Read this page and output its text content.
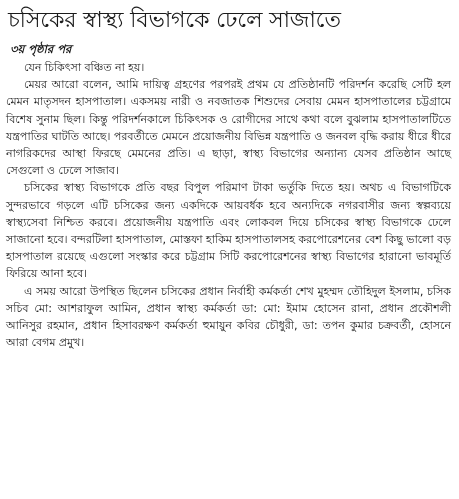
চসিকের স্বাস্থ্য বিভাগকে ঢেলে সাজাতে
৩য় পৃষ্ঠার পর

যেন চিকিৎসা বঞ্চিত না হয়।

মেয়র আরো বলেন, আমি দায়িত্ব গ্রহণের পরপরই প্রথম যে প্রতিষ্ঠানটি পরিদর্শন করেছি সেটি হল মেমন মাতৃসদন হাসপাতাল। একসময় নারী ও নবজাতক শিশুদের সেবায় মেমন হাসপাতালের চট্টগ্রামে বিশেষ সুনাম ছিল। কিন্তু পরিদর্শনকালে চিকিৎসক ও রোগীদের সাথে কথা বলে বুঝলাম হাসপাতালটিতে যন্ত্রপাতির ঘাটতি আছে। পরবর্তীতে মেমনে প্রয়োজনীয় বিভিন্ন যন্ত্রপাতি ও জনবল বৃদ্ধি করায় ধীরে ধীরে নাগরিকদের আস্থা ফিরছে মেমনের প্রতি। এ ছাড়া, স্বাস্থ্য বিভাগের অন্যান্য যেসব প্রতিষ্ঠান আছে সেগুলো ও ঢেলে সাজাব।

চসিকের স্বাস্থ্য বিভাগকে প্রতি বছর বিপুল পরিমাণ টাকা ভর্তুকি দিতে হয়। অথচ এ বিভাগটিকে সুন্দরভাবে গড়লে এটি চসিকের জন্য একদিকে আয়বর্ধক হবে অন্যদিকে নগরবাসীর জন্য স্বল্পব্যয়ে স্বাস্থ্যসেবা নিশ্চিত করবে। প্রয়োজনীয় যন্ত্রপাতি এবং লোকবল দিয়ে চসিকের স্বাস্থ্য বিভাগকে ঢেলে সাজানো হবে। বন্দরটিলা হাসপাতাল, মোস্তফা হাকিম হাসপাতালসহ করপোরেশনের বেশ কিছু ভালো বড় হাসপাতাল রয়েছে এগুলো সংস্কার করে চট্টগ্রাম সিটি করপোরেশনের স্বাস্থ্য বিভাগের হারানো ভাবমূর্তি ফিরিয়ে আনা হবে।

এ সময় আরো উপস্থিত ছিলেন চসিকের প্রধান নির্বাহী কর্মকর্তা শেখ মুহম্মদ তৌহিদুল ইসলাম, চসিক সচিব মো: আশরাফুল আমিন, প্রধান স্বাস্থ্য কর্মকর্তা ডা: মো: ইমাম হোসেন রানা, প্রধান প্রকৌশলী আনিসুর রহমান, প্রধান হিসাবরক্ষণ কর্মকর্তা হুমায়ুন কবির চৌধুরী, ডা: তপন কুমার চক্রবর্তী, হোসনে আরা বেগম প্রমুখ।
